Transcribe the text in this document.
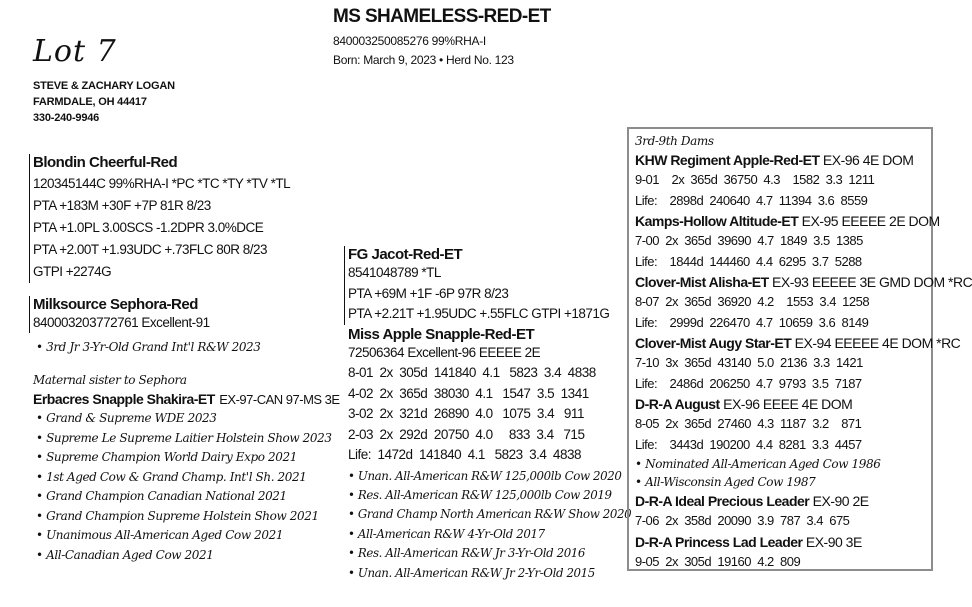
MS SHAMELESS-RED-ET
840003250085276 99%RHA-I
Born: March 9, 2023 • Herd No. 123
Lot 7
STEVE & ZACHARY LOGAN
FARMDALE, OH 44417
330-240-9946
Blondin Cheerful-Red
120345144C 99%RHA-I *PC *TC *TY *TV *TL
PTA +183M +30F +7P 81R 8/23
PTA +1.0PL 3.00SCS -1.2DPR 3.0%DCE
PTA +2.00T +1.93UDC +.73FLC 80R 8/23
GTPI +2274G
Milksource Sephora-Red
840003203772761 Excellent-91
• 3rd Jr 3-Yr-Old Grand Int'l R&W 2023
Maternal sister to Sephora
Erbacres Snapple Shakira-ET EX-97-CAN 97-MS 3E
• Grand & Supreme WDE 2023
• Supreme Le Supreme Laitier Holstein Show 2023
• Supreme Champion World Dairy Expo 2021
• 1st Aged Cow & Grand Champ. Int'l Sh. 2021
• Grand Champion Canadian National 2021
• Grand Champion Supreme Holstein Show 2021
• Unanimous All-American Aged Cow 2021
• All-Canadian Aged Cow 2021
FG Jacot-Red-ET
8541048789 *TL
PTA +69M +1F -6P 97R 8/23
PTA +2.21T +1.95UDC +.55FLC GTPI +1871G
Miss Apple Snapple-Red-ET
72506364 Excellent-96 EEEEE 2E
8-01  2x  305d  141840  4.1   5823  3.4  4838
4-02  2x  365d  38030  4.1   1547  3.5  1341
3-02  2x  321d  26890  4.0   1075  3.4   911
2-03  2x  292d  20750  4.0     833  3.4   715
Life:  1472d  141840  4.1   5823  3.4  4838
• Unan. All-American R&W 125,000lb Cow 2020
• Res. All-American R&W 125,000lb Cow 2019
• Grand Champ North American R&W Show 2020
• All-American R&W 4-Yr-Old 2017
• Res. All-American R&W Jr 3-Yr-Old 2016
• Unan. All-American R&W Jr 2-Yr-Old 2015
3rd-9th Dams
KHW Regiment Apple-Red-ET EX-96 4E DOM
9-01    2x  365d  36750  4.3    1582  3.3  1211
Life:    2898d  240640  4.7  11394  3.6  8559
Kamps-Hollow Altitude-ET EX-95 EEEEE 2E DOM
7-00  2x  365d  39690  4.7  1849  3.5  1385
Life:    1844d  144460  4.4  6295  3.7  5288
Clover-Mist Alisha-ET EX-93 EEEEE 3E GMD DOM *RC
8-07  2x  365d  36920  4.2    1553  3.4  1258
Life:    2999d  226470  4.7  10659  3.6  8149
Clover-Mist Augy Star-ET EX-94 EEEEE 4E DOM *RC
7-10  3x  365d  43140  5.0  2136  3.3  1421
Life:    2486d  206250  4.7  9793  3.5  7187
D-R-A August EX-96 EEEE 4E DOM
8-05  2x  365d  27460  4.3  1187  3.2    871
Life:    3443d  190200  4.4  8281  3.3  4457
• Nominated All-American Aged Cow 1986
• All-Wisconsin Aged Cow 1987
D-R-A Ideal Precious Leader EX-90 2E
7-06  2x  358d  20090  3.9  787  3.4  675
D-R-A Princess Lad Leader EX-90 3E
9-05  2x  305d  19160  4.2  809
